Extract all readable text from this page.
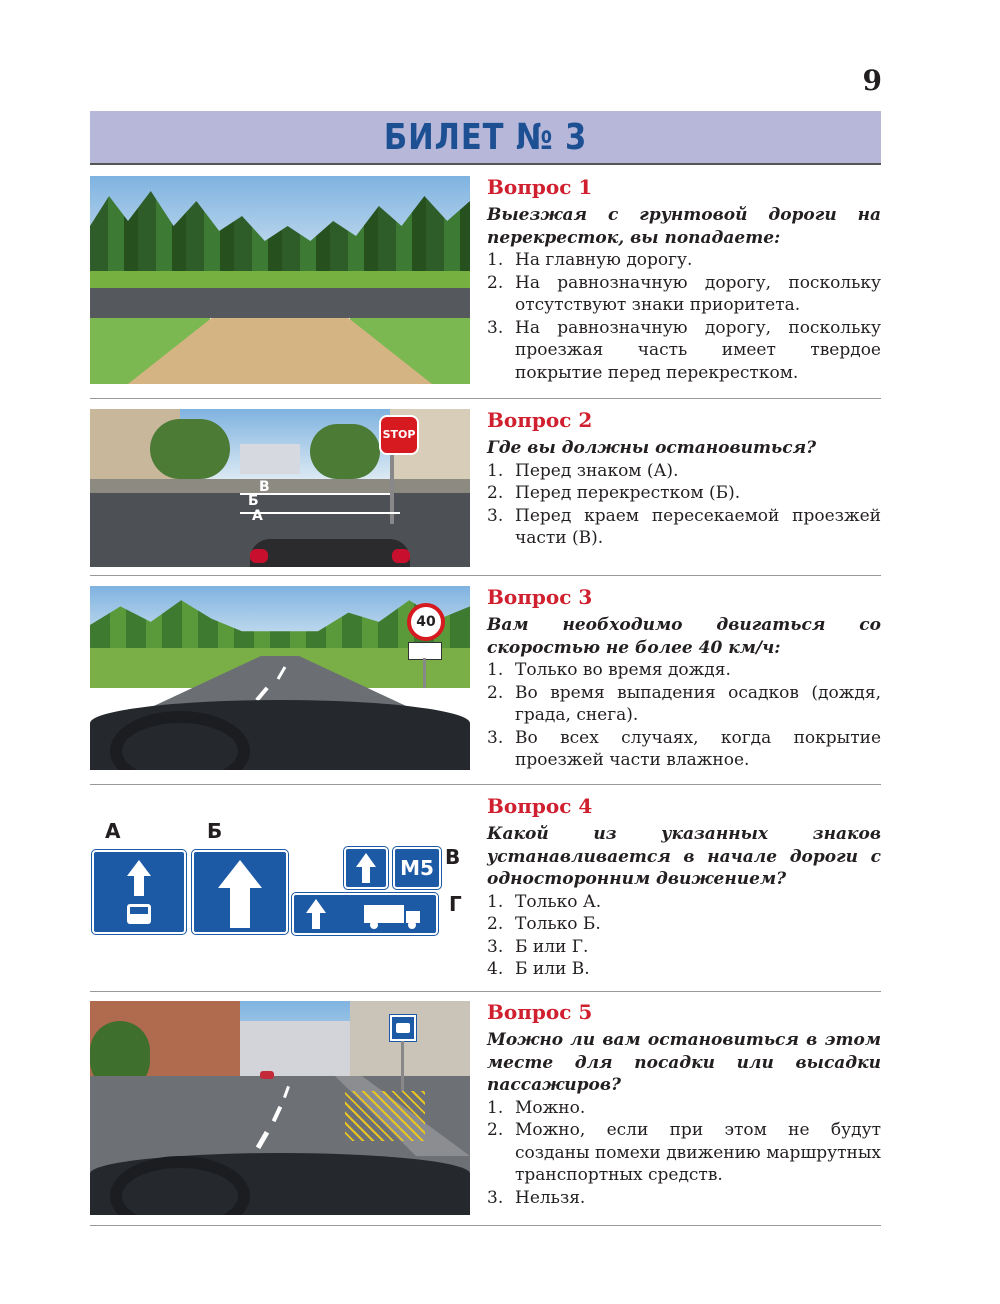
9
БИЛЕТ № 3
Вопрос 1

Выезжая с грунтовой дороги на перекресток, вы попадаете:

1. На главную дорогу.
2. На равнозначную дорогу, поскольку отсутствуют знаки приоритета.
3. На равнозначную дорогу, поскольку проезжая часть имеет твердое покрытие перед перекрестком.
STOP
В
Б
А
Вопрос 2

Где вы должны остановиться?

1. Перед знаком (А).
2. Перед перекрестком (Б).
3. Перед краем пересекаемой проезжей части (В).
40
Вопрос 3

Вам необходимо двигаться со скоростью не более 40 км/ч:

1. Только во время дождя.
2. Во время выпадения осадков (дождя, града, снега).
3. Во всех случаях, когда покрытие проезжей части влажное.
А	Б
В
Г
М5
Вопрос 4

Какой из указанных знаков устанавливается в начале дороги с односторонним движением?

1. Только А.
2. Только Б.
3. Б или Г.
4. Б или В.
Вопрос 5

Можно ли вам остановиться в этом месте для посадки или высадки пассажиров?

1. Можно.
2. Можно, если при этом не будут созданы помехи движению маршрутных транспортных средств.
3. Нельзя.
